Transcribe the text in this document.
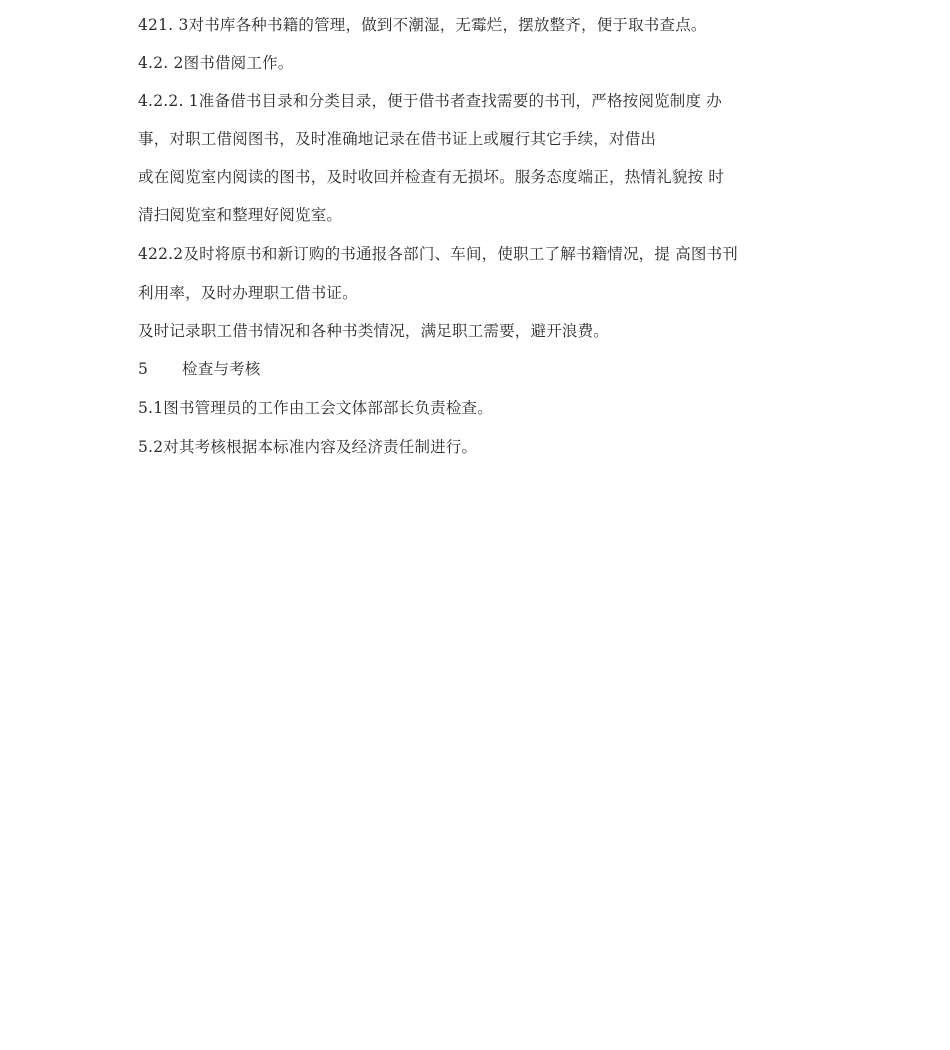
421. 3对书库各种书籍的管理，做到不潮湿，无霉烂，摆放整齐，便于取书查点。
4.2. 2图书借阅工作。
4.2.2. 1准备借书目录和分类目录，便于借书者查找需要的书刊，严格按阅览制度 办
事，对职工借阅图书，及时准确地记录在借书证上或履行其它手续，对借出
或在阅览室内阅读的图书，及时收回并检查有无损坏。服务态度端正，热情礼貌按 时
清扫阅览室和整理好阅览室。
422.2及时将原书和新订购的书通报各部门、车间，使职工了解书籍情况，提 高图书刊
利用率，及时办理职工借书证。
及时记录职工借书情况和各种书类情况，满足职工需要，避开浪费。
5 检查与考核
5.1图书管理员的工作由工会文体部部长负责检查。
5.2对其考核根据本标准内容及经济责任制进行。
